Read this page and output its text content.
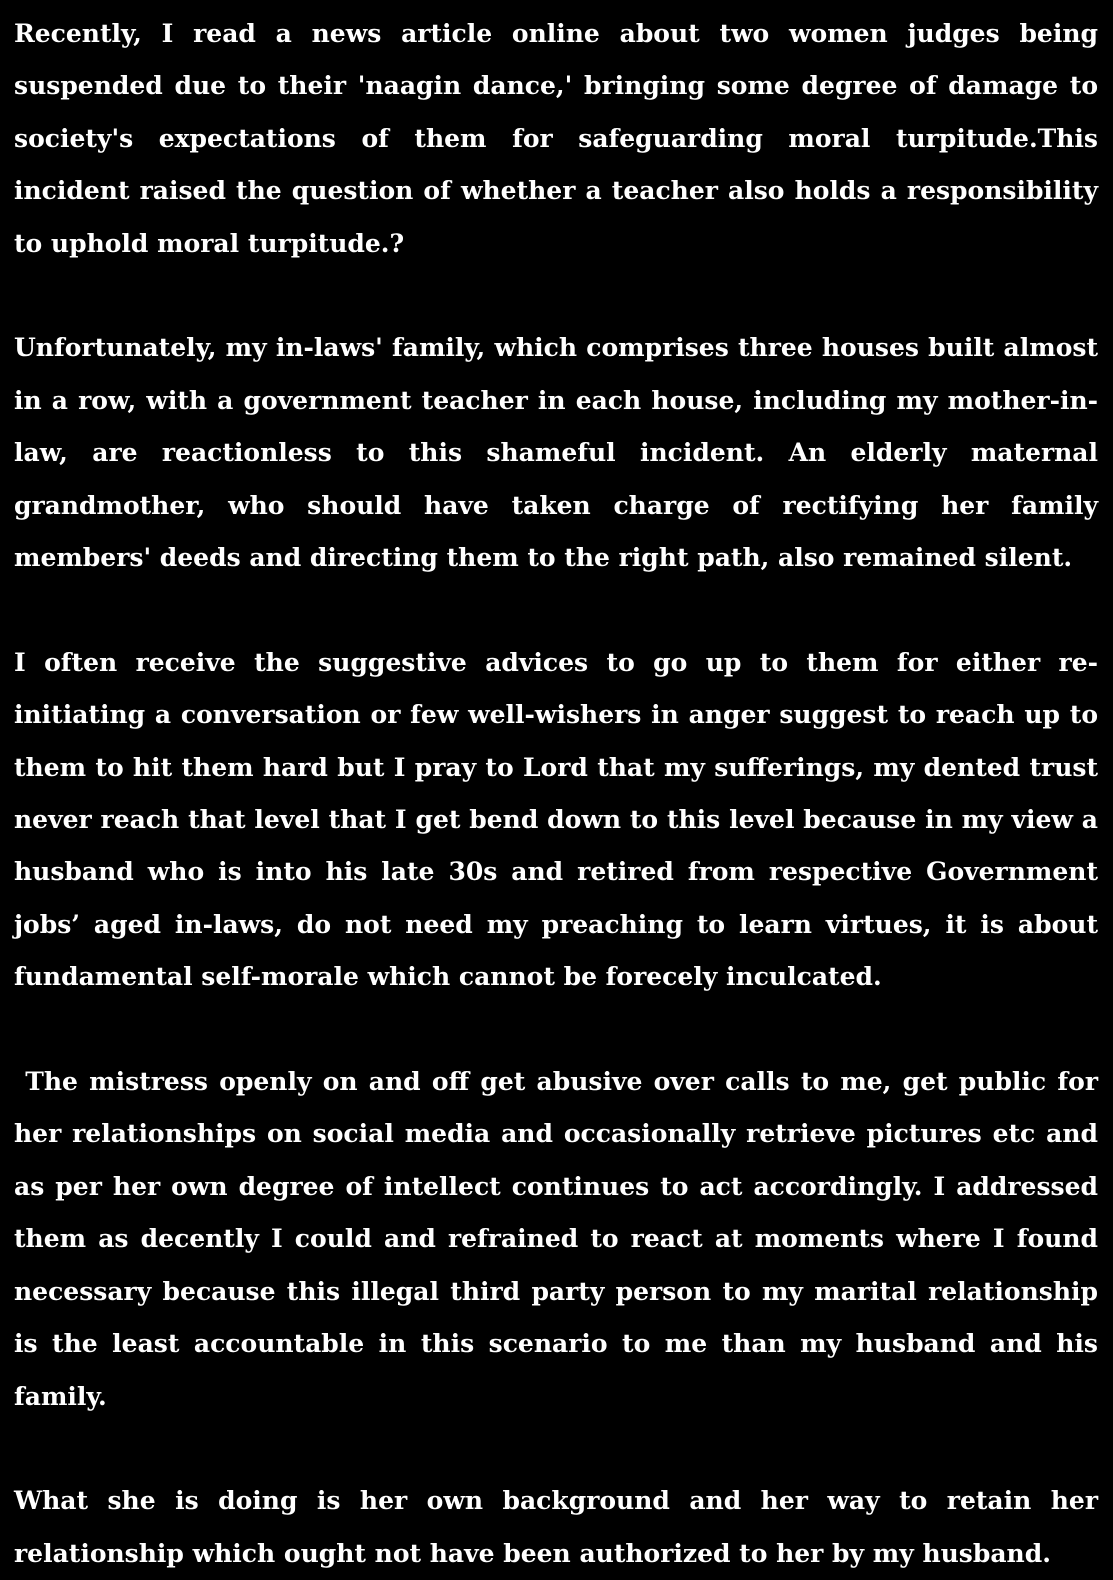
Recently, I read a news article online about two women judges being suspended due to their 'naagin dance,' bringing some degree of damage to society's expectations of them for safeguarding moral turpitude.This incident raised the question of whether a teacher also holds a responsibility to uphold moral turpitude.?

Unfortunately, my in-laws' family, which comprises three houses built almost in a row, with a government teacher in each house, including my mother-in-law, are reactionless to this shameful incident. An elderly maternal grandmother, who should have taken charge of rectifying her family members' deeds and directing them to the right path, also remained silent.

I often receive the suggestive advices to go up to them for either re-initiating a conversation or few well-wishers in anger suggest to reach up to them to hit them hard but I pray to Lord that my sufferings, my dented trust never reach that level that I get bend down to this level because in my view a husband who is into his late 30s and retired from respective Government jobs’ aged in-laws, do not need my preaching to learn virtues, it is about fundamental self-morale which cannot be forecely inculcated.

The mistress openly on and off get abusive over calls to me, get public for her relationships on social media and occasionally retrieve pictures etc and as per her own degree of intellect continues to act accordingly. I addressed them as decently I could and refrained to react at moments where I found necessary because this illegal third party person to my marital relationship is the least accountable in this scenario to me than my husband and his family.

What she is doing is her own background and her way to retain her relationship which ought not have been authorized to her by my husband.
